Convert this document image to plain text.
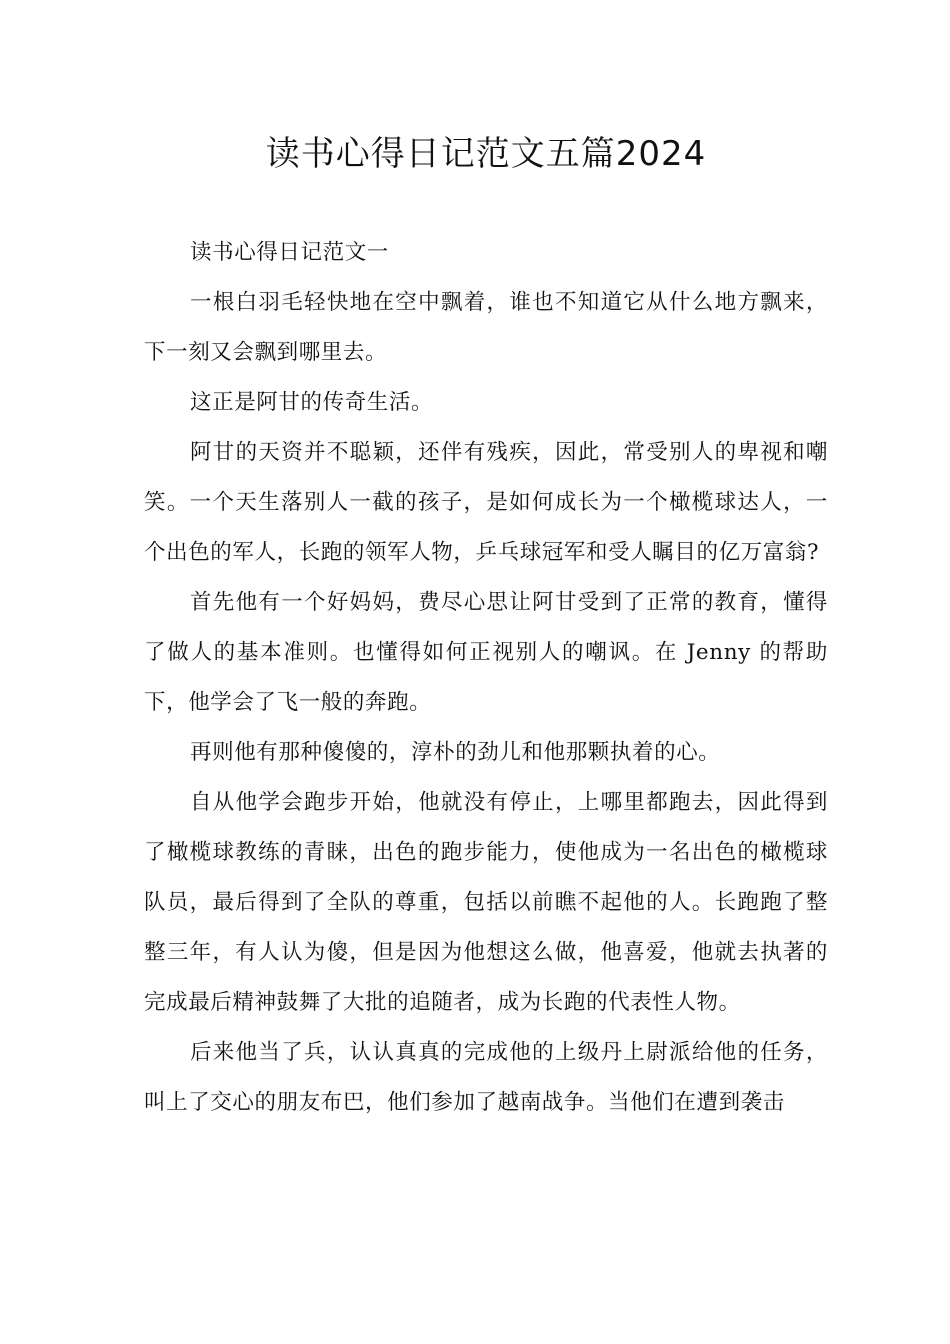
读书心得日记范文五篇2024

读书心得日记范文一

一根白羽毛轻快地在空中飘着，谁也不知道它从什么地方飘来，下一刻又会飘到哪里去。

这正是阿甘的传奇生活。

阿甘的天资并不聪颖，还伴有残疾，因此，常受别人的卑视和嘲笑。一个天生落别人一截的孩子，是如何成长为一个橄榄球达人，一个出色的军人，长跑的领军人物，乒乓球冠军和受人瞩目的亿万富翁?

首先他有一个好妈妈，费尽心思让阿甘受到了正常的教育，懂得了做人的基本准则。也懂得如何正视别人的嘲讽。在 Jenny 的帮助下，他学会了飞一般的奔跑。

再则他有那种傻傻的，淳朴的劲儿和他那颗执着的心。

自从他学会跑步开始，他就没有停止，上哪里都跑去，因此得到了橄榄球教练的青睐，出色的跑步能力，使他成为一名出色的橄榄球队员，最后得到了全队的尊重，包括以前瞧不起他的人。长跑跑了整整三年，有人认为傻，但是因为他想这么做，他喜爱，他就去执著的完成最后精神鼓舞了大批的追随者，成为长跑的代表性人物。

后来他当了兵，认认真真的完成他的上级丹上尉派给他的任务，叫上了交心的朋友布巴，他们参加了越南战争。当他们在遭到袭击
